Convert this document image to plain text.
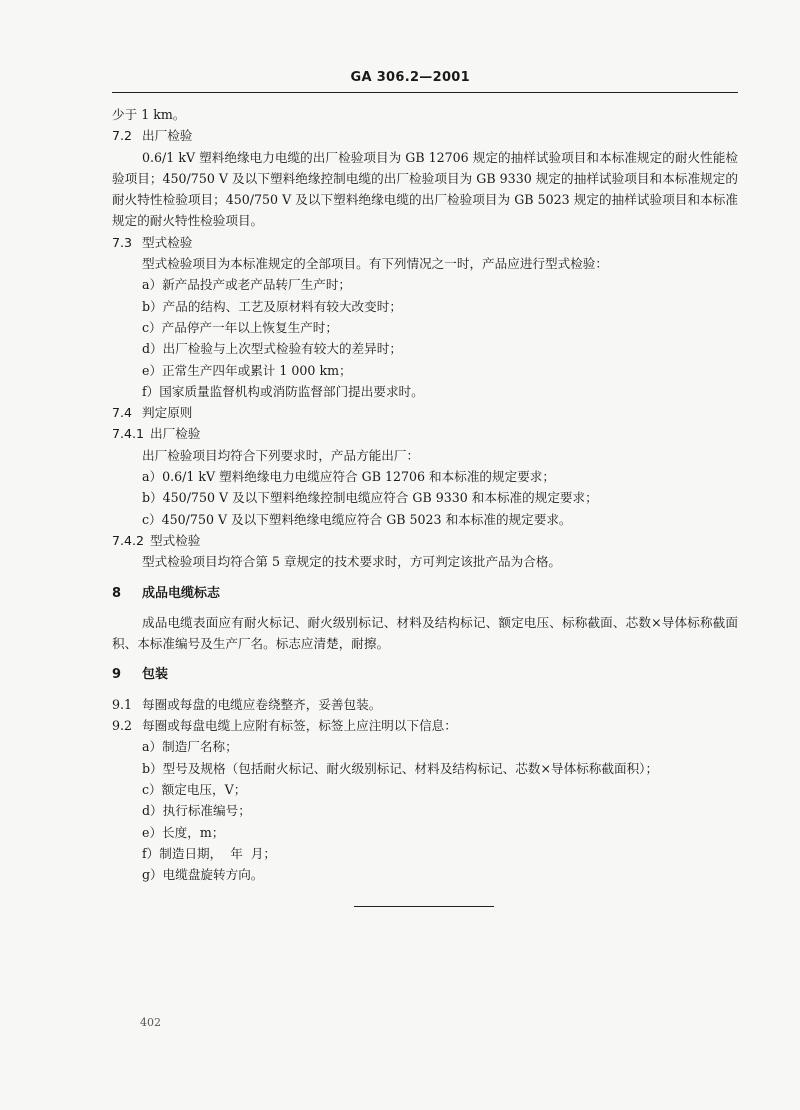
GA 306.2—2001

少于 1 km。

7.2 出厂检验

0.6/1 kV 塑料绝缘电力电缆的出厂检验项目为 GB 12706 规定的抽样试验项目和本标准规定的耐火性能检验项目；450/750 V 及以下塑料绝缘控制电缆的出厂检验项目为 GB 9330 规定的抽样试验项目和本标准规定的耐火特性检验项目；450/750 V 及以下塑料绝缘电缆的出厂检验项目为 GB 5023 规定的抽样试验项目和本标准规定的耐火特性检验项目。

7.3 型式检验

型式检验项目为本标准规定的全部项目。有下列情况之一时，产品应进行型式检验：

a）新产品投产或老产品转厂生产时；

b）产品的结构、工艺及原材料有较大改变时；

c）产品停产一年以上恢复生产时；

d）出厂检验与上次型式检验有较大的差异时；

e）正常生产四年或累计 1 000 km；

f）国家质量监督机构或消防监督部门提出要求时。

7.4 判定原则

7.4.1 出厂检验

出厂检验项目均符合下列要求时，产品方能出厂：

a）0.6/1 kV 塑料绝缘电力电缆应符合 GB 12706 和本标准的规定要求；

b）450/750 V 及以下塑料绝缘控制电缆应符合 GB 9330 和本标准的规定要求；

c）450/750 V 及以下塑料绝缘电缆应符合 GB 5023 和本标准的规定要求。

7.4.2 型式检验

型式检验项目均符合第 5 章规定的技术要求时，方可判定该批产品为合格。

8 成品电缆标志

成品电缆表面应有耐火标记、耐火级别标记、材料及结构标记、额定电压、标称截面、芯数×导体标称截面积、本标准编号及生产厂名。标志应清楚，耐擦。

9 包装

9.1 每圈或每盘的电缆应卷绕整齐，妥善包装。

9.2 每圈或每盘电缆上应附有标签，标签上应注明以下信息：

a）制造厂名称；

b）型号及规格（包括耐火标记、耐火级别标记、材料及结构标记、芯数×导体标称截面积）；

c）额定电压，V；

d）执行标准编号；

e）长度，m；

f）制造日期，  年  月；

g）电缆盘旋转方向。

402
